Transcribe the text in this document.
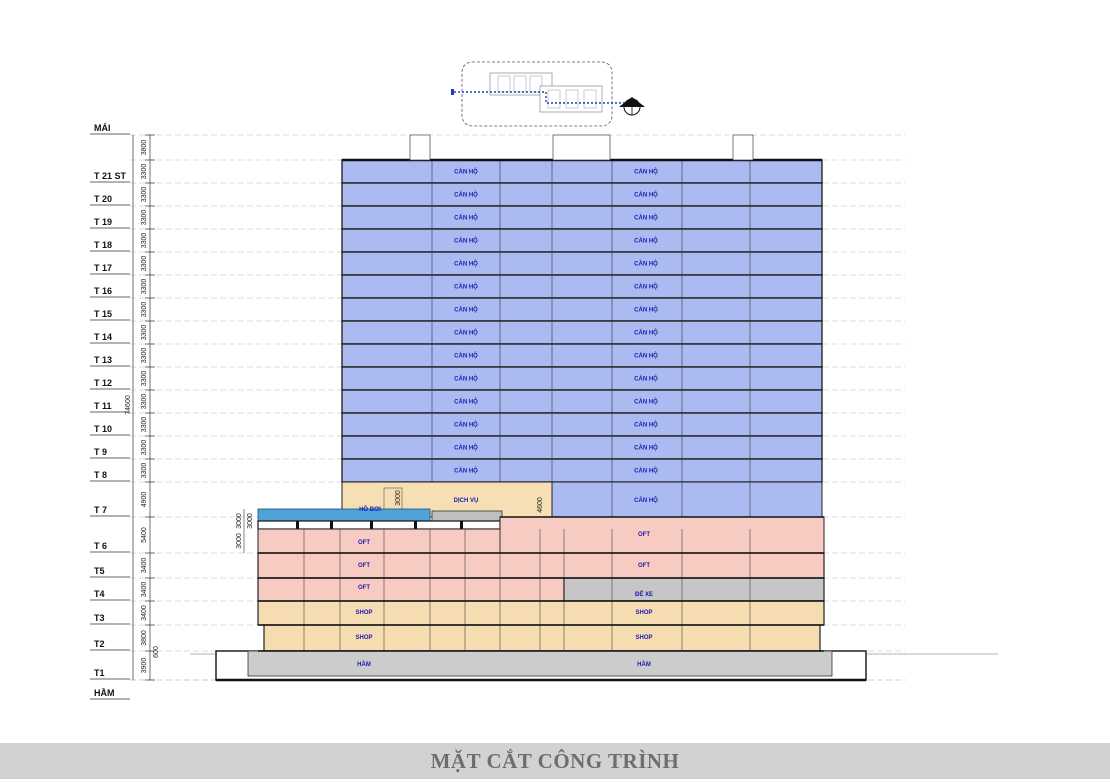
MÁI
T 21 ST
T 20
T 19
T 18
T 17
T 16
T 15
T 14
T 13
T 12
T 11
T 10
T 9
T 8
T 7
T 6
T5
T4
T3
T2
T1
HẦM
CĂN HỘ	CĂN HỘ
CĂN HỘ	CĂN HỘ
CĂN HỘ	CĂN HỘ
CĂN HỘ	CĂN HỘ
CĂN HỘ	CĂN HỘ
CĂN HỘ	CĂN HỘ
CĂN HỘ	CĂN HỘ
CĂN HỘ	CĂN HỘ
CĂN HỘ	CĂN HỘ
CĂN HỘ	CĂN HỘ
CĂN HỘ	CĂN HỘ
CĂN HỘ	CĂN HỘ
CĂN HỘ	CĂN HỘ
CĂN HỘ	CĂN HỘ
DỊCH VỤ	CĂN HỘ
HỒ BƠI
OFT
OFT
OFT	OFT
OFT
ĐỂ XE
SHOP	SHOP
SHOP	SHOP
HẦM	HẦM
3800
3300
3300
3300
3300
3300
3300
3300
3300
3300
3300
3300
3300
3300
3300
4900
5400
3400
3400
3400
3800
3900
74600
600
3000
3000 3000
3000	4600
MẶT CẮT CÔNG TRÌNH
